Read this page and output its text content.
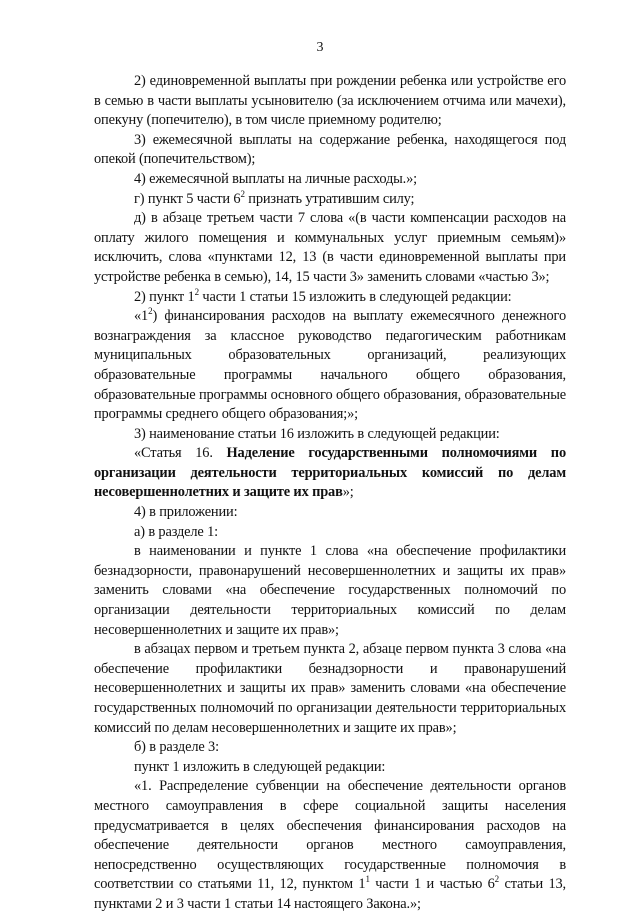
3

2) единовременной выплаты при рождении ребенка или устройстве его в семью в части выплаты усыновителю (за исключением отчима или мачехи), опекуну (попечителю), в том числе приемному родителю;

3) ежемесячной выплаты на содержание ребенка, находящегося под опекой (попечительством);

4) ежемесячной выплаты на личные расходы.»;

г) пункт 5 части $6^2$ признать утратившим силу;

д) в абзаце третьем части 7 слова «(в части компенсации расходов на оплату жилого помещения и коммунальных услуг приемным семьям)» исключить, слова «пунктами 12, 13 (в части единовременной выплаты при устройстве ребенка в семью), 14, 15 части 3» заменить словами «частью 3»;

2) пункт $1^2$ части 1 статьи 15 изложить в следующей редакции:

«$1^2$) финансирования расходов на выплату ежемесячного денежного вознаграждения за классное руководство педагогическим работникам муниципальных образовательных организаций, реализующих образовательные программы начального общего образования, образовательные программы основного общего образования, образовательные программы среднего общего образования;»;

3) наименование статьи 16 изложить в следующей редакции:

«Статья 16. Наделение государственными полномочиями по организации деятельности территориальных комиссий по делам несовершеннолетних и защите их прав»;

4) в приложении:

а) в разделе 1:

в наименовании и пункте 1 слова «на обеспечение профилактики безнадзорности, правонарушений несовершеннолетних и защиты их прав» заменить словами «на обеспечение государственных полномочий по организации деятельности территориальных комиссий по делам несовершеннолетних и защите их прав»;

в абзацах первом и третьем пункта 2, абзаце первом пункта 3 слова «на обеспечение профилактики безнадзорности и правонарушений несовершеннолетних и защиты их прав» заменить словами «на обеспечение государственных полномочий по организации деятельности территориальных комиссий по делам несовершеннолетних и защите их прав»;

б) в разделе 3:

пункт 1 изложить в следующей редакции:

«1. Распределение субвенции на обеспечение деятельности органов местного самоуправления в сфере социальной защиты населения предусматривается в целях обеспечения финансирования расходов на обеспечение деятельности органов местного самоуправления, непосредственно осуществляющих государственные полномочия в соответствии со статьями 11, 12, пунктом $1^1$ части 1 и частью $6^2$ статьи 13, пунктами 2 и 3 части 1 статьи 14 настоящего Закона.»;
